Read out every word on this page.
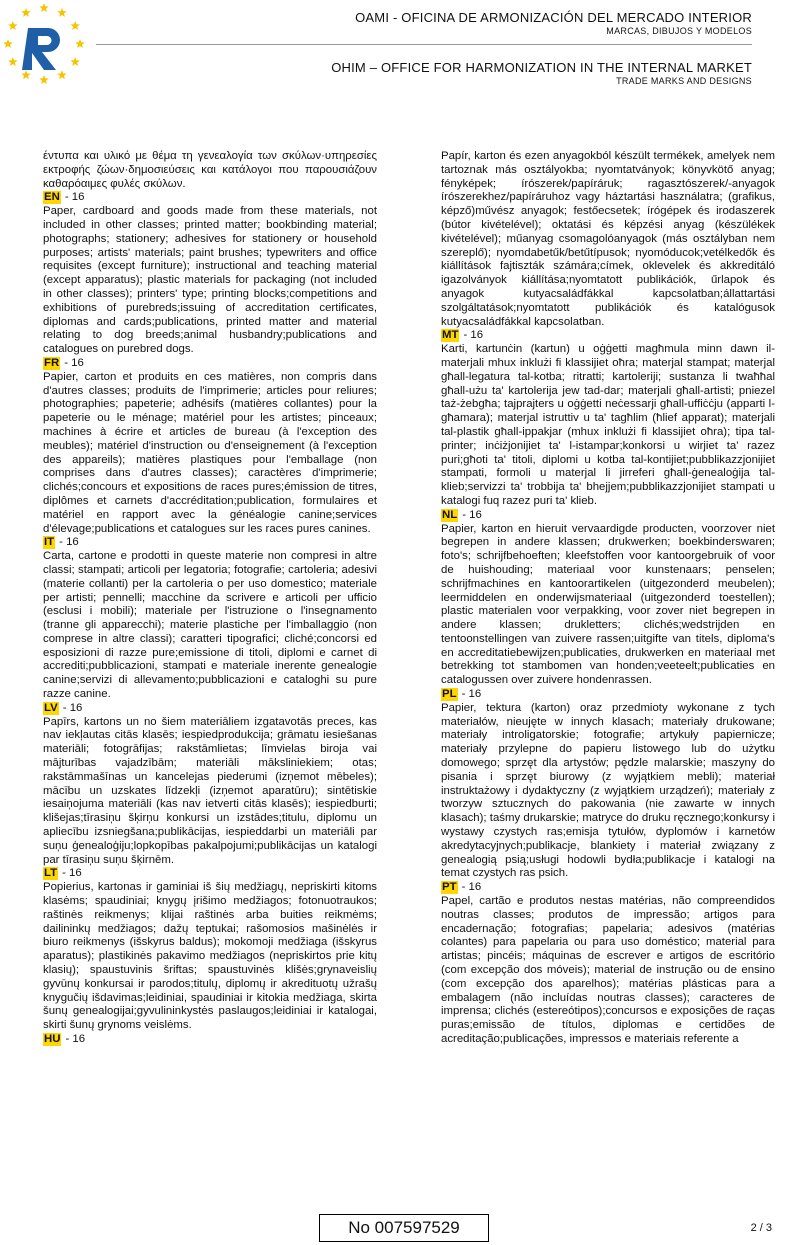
OAMI - OFICINA DE ARMONIZACIÓN DEL MERCADO INTERIOR
MARCAS, DIBUJOS Y MODELOS
OHIM – OFFICE FOR HARMONIZATION IN THE INTERNAL MARKET
TRADE MARKS AND DESIGNS

έντυπα και υλικό με θέμα τη γενεαλογία των σκύλων·υπηρεσίες εκτροφής ζώων·δημοσιεύσεις και κατάλογοι που παρουσιάζουν καθαρόαιμες φυλές σκύλων.

EN - 16

Paper, cardboard and goods made from these materials, not included in other classes; printed matter; bookbinding material; photographs; stationery; adhesives for stationery or household purposes; artists' materials; paint brushes; typewriters and office requisites (except furniture); instructional and teaching material (except apparatus); plastic materials for packaging (not included in other classes); printers' type; printing blocks;competitions and exhibitions of purebreds;issuing of accreditation certificates, diplomas and cards;publications, printed matter and material relating to dog breeds;animal husbandry;publications and catalogues on purebred dogs.

FR - 16

Papier, carton et produits en ces matières, non compris dans d'autres classes; produits de l'imprimerie; articles pour reliures; photographies; papeterie; adhésifs (matières collantes) pour la papeterie ou le ménage; matériel pour les artistes; pinceaux; machines à écrire et articles de bureau (à l'exception des meubles); matériel d'instruction ou d'enseignement (à l'exception des appareils); matières plastiques pour l'emballage (non comprises dans d'autres classes); caractères d'imprimerie; clichés;concours et expositions de races pures;émission de titres, diplômes et carnets d'accréditation;publication, formulaires et matériel en rapport avec la généalogie canine;services d'élevage;publications et catalogues sur les races pures canines.

IT - 16

Carta, cartone e prodotti in queste materie non compresi in altre classi; stampati; articoli per legatoria; fotografie; cartoleria; adesivi (materie collanti) per la cartoleria o per uso domestico; materiale per artisti; pennelli; macchine da scrivere e articoli per ufficio (esclusi i mobili); materiale per l'istruzione o l'insegnamento (tranne gli apparecchi); materie plastiche per l'imballaggio (non comprese in altre classi); caratteri tipografici; cliché;concorsi ed esposizioni di razze pure;emissione di titoli, diplomi e carnet di accrediti;pubblicazioni, stampati e materiale inerente genealogie canine;servizi di allevamento;pubblicazioni e cataloghi su pure razze canine.

LV - 16

Papīrs, kartons un no šiem materiāliem izgatavotās preces, kas nav iekļautas citās klasēs; iespiedprodukcija; grāmatu iesiešanas materiāli; fotogrāfijas; rakstāmlietas; līmvielas biroja vai mājturības vajadzībām; materiāli māksliniekiem; otas; rakstāmmašīnas un kancelejas piederumi (izņemot mēbeles); mācību un uzskates līdzekļi (izņemot aparatūru); sintētiskie iesaiņojuma materiāli (kas nav ietverti citās klasēs); iespiedburti; klišejas;tīrasiņu šķirņu konkursi un izstādes;titulu, diplomu un apliecību izsniegšana;publikācijas, iespieddarbi un materiāli par suņu ģenealoģiju;lopkopības pakalpojumi;publikācijas un katalogi par tīrasiņu suņu šķirnēm.

LT - 16

Popierius, kartonas ir gaminiai iš šių medžiagų, nepriskirti kitoms klasėms; spaudiniai; knygų įrišimo medžiagos; fotonuotraukos; raštinės reikmenys; klijai raštinės arba buities reikmėms; dailininkų medžiagos; dažų teptukai; rašomosios mašinėlės ir biuro reikmenys (išskyrus baldus); mokomoji medžiaga (išskyrus aparatus); plastikinės pakavimo medžiagos (nepriskirtos prie kitų klasių); spaustuvinis šriftas; spaustuvinės klišės;grynaveislių gyvūnų konkursai ir parodos;titulų, diplomų ir akredituotų užrašų knygučių išdavimas;leidiniai, spaudiniai ir kitokia medžiaga, skirta šunų genealogijai;gyvulininkystės paslaugos;leidiniai ir katalogai, skirti šunų grynoms veislėms.

HU - 16

Papír, karton és ezen anyagokból készült termékek, amelyek nem tartoznak más osztályokba; nyomtatványok; könyvkötő anyag; fényképek; írószerek/papíráruk; ragasztószerek/-anyagok írószerekhez/papíráruhoz vagy háztartási használatra; (grafikus, képző)művész anyagok; festőecsetek; írógépek és irodaszerek (bútor kivételével); oktatási és képzési anyag (készülékek kivételével); műanyag csomagolóanyagok (más osztályban nem szereplő); nyomdabetűk/betűtípusok; nyomóducok;vetélkedők és kiállítások fajtiszták számára;címek, oklevelek és akkreditáló igazolványok kiállítása;nyomtatott publikációk, űrlapok és anyagok kutyacsaládfákkal kapcsolatban;állattartási szolgáltatások;nyomtatott publikációk és katalógusok kutyacsaládfákkal kapcsolatban.

MT - 16

Karti, kartunċin (kartun) u oġġetti magħmula minn dawn il-materjali mhux inklużi fi klassijiet oħra; materjal stampat; materjal għall-legatura tal-kotba; ritratti; kartoleriji; sustanza li twaħħal għall-użu ta' kartolerija jew tad-dar; materjali għall-artisti; pniezel taż-żebgħa; tajprajters u oġġetti neċessarji għall-uffiċċju (apparti l-għamara); materjal istruttiv u ta' tagħlim (ħlief apparat); materjali tal-plastik għall-ippakjar (mhux inklużi fi klassijiet oħra); tipa tal-printer; inċiżjonijiet ta' l-istampar;konkorsi u wirjiet ta' razez puri;għoti ta' titoli, diplomi u kotba tal-kontijiet;pubblikazzjonijiet stampati, formoli u materjal li jirreferi għall-ġenealoġija tal-klieb;servizzi ta' trobbija ta' bhejjem;pubblikazzjonijiet stampati u katalogi fuq razez puri ta' klieb.

NL - 16

Papier, karton en hieruit vervaardigde producten, voorzover niet begrepen in andere klassen; drukwerken; boekbinderswaren; foto's; schrijfbehoeften; kleefstoffen voor kantoorgebruik of voor de huishouding; materiaal voor kunstenaars; penselen; schrijfmachines en kantoorartikelen (uitgezonderd meubelen); leermiddelen en onderwijsmateriaal (uitgezonderd toestellen); plastic materialen voor verpakking, voor zover niet begrepen in andere klassen; drukletters; clichés;wedstrijden en tentoonstellingen van zuivere rassen;uitgifte van titels, diploma's en accreditatiebewijzen;publicaties, drukwerken en materiaal met betrekking tot stambomen van honden;veeteelt;publicaties en catalogussen over zuivere hondenrassen.

PL - 16

Papier, tektura (karton) oraz przedmioty wykonane z tych materiałów, nieujęte w innych klasach; materiały drukowane; materiały introligatorskie; fotografie; artykuły papiernicze; materiały przylepne do papieru listowego lub do użytku domowego; sprzęt dla artystów; pędzle malarskie; maszyny do pisania i sprzęt biurowy (z wyjątkiem mebli); materiał instruktażowy i dydaktyczny (z wyjątkiem urządzeń); materiały z tworzyw sztucznych do pakowania (nie zawarte w innych klasach); taśmy drukarskie; matryce do druku ręcznego;konkursy i wystawy czystych ras;emisja tytułów, dyplomów i karnetów akredytacyjnych;publikacje, blankiety i materiał związany z genealogią psią;usługi hodowli bydła;publikacje i katalogi na temat czystych ras psich.

PT - 16

Papel, cartão e produtos nestas matérias, não compreendidos noutras classes; produtos de impressão; artigos para encadernação; fotografias; papelaria; adesivos (matérias colantes) para papelaria ou para uso doméstico; material para artistas; pincéis; máquinas de escrever e artigos de escritório (com excepção dos móveis); material de instrução ou de ensino (com excepção dos aparelhos); matérias plásticas para a embalagem (não incluídas noutras classes); caracteres de imprensa; clichés (estereótipos);concursos e exposições de raças puras;emissão de títulos, diplomas e certidões de acreditação;publicações, impressos e materiais referente a

No 007597529	2 / 3
